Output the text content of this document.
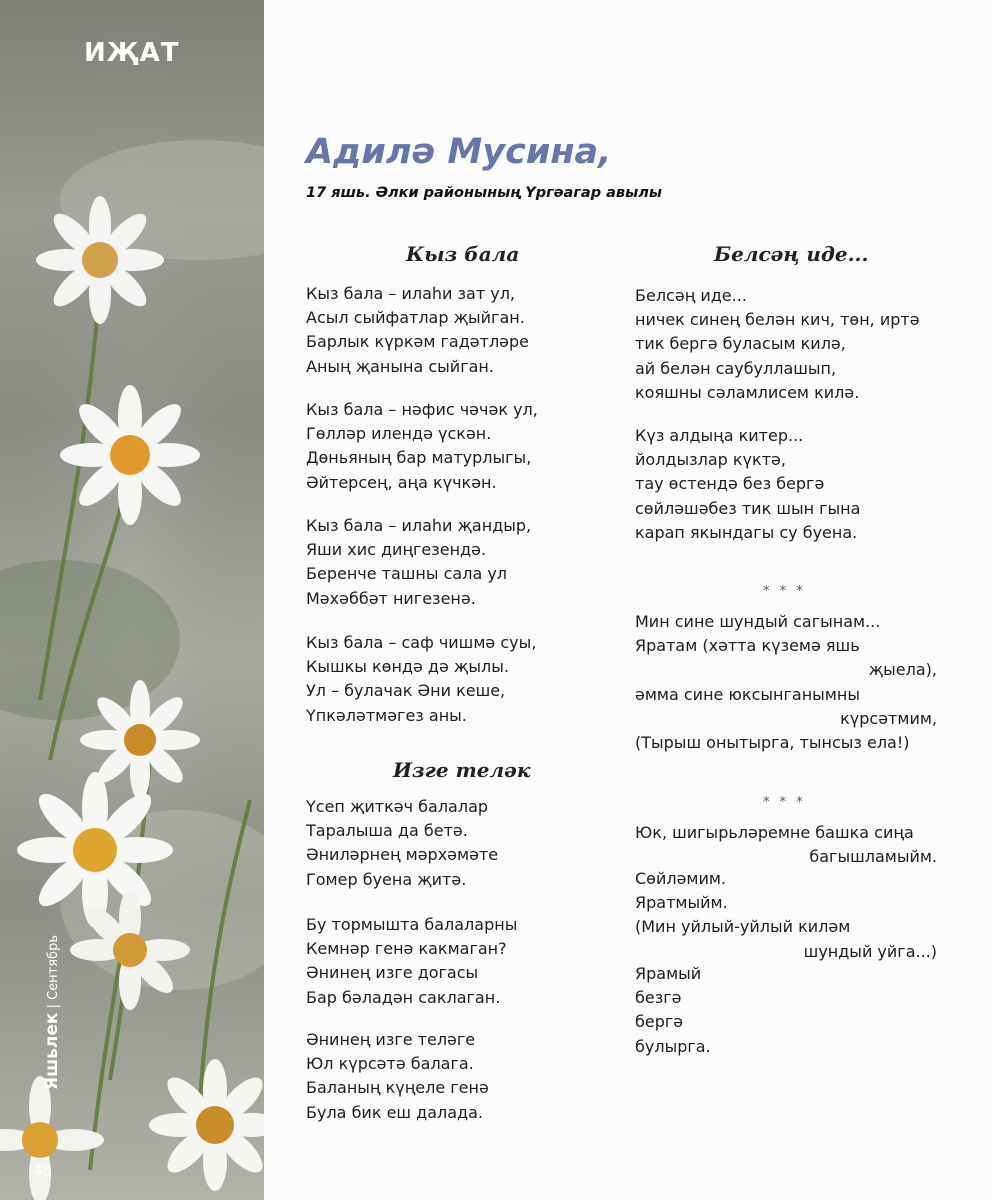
ИҖАТ
Яшьлек | Сентябрь
46
Адилә Мусина,
17 яшь. Әлки районының Үргәагар авылы
Кыз бала
Кыз бала – илаһи зат ул,
Асыл сыйфатлар җыйган.
Барлык күркәм гадәтләре
Аның җанына сыйган.
Кыз бала – нәфис чәчәк ул,
Гөлләр илендә үскән.
Дөньяның бар матурлыгы,
Әйтерсең, аңа күчкән.
Кыз бала – илаһи җандыр,
Яши хис диңгезендә.
Беренче ташны сала ул
Мәхәббәт нигезенә.
Кыз бала – саф чишмә суы,
Кышкы көндә дә җылы.
Ул – булачак Әни кеше,
Үпкәләтмәгез аны.
Изге теләк
Үсеп җиткәч балалар
Таралыша да бетә.
Әниләрнең мәрхәмәте
Гомер буена җитә.
Бу тормышта балаларны
Кемнәр генә какмаган?
Әнинең изге догасы
Бар бәладән саклаган.
Әнинең изге теләге
Юл күрсәтә балага.
Баланың күңеле генә
Була бик еш далада.
Белсәң иде...
Белсәң иде...
ничек синең белән кич, төн, иртә
тик бергә буласым килә,
ай белән саубуллашып,
кояшны сәламлисем килә.
Күз алдыңа китер...
йолдызлар күктә,
тау өстендә без бергә
сөйләшәбез тик шын гына
карап якындагы су буена.
* * *
Мин сине шундый сагынам...
Яратам (хәтта күземә яшь
җыела),
әмма сине юксынганымны
күрсәтмим,
(Тырыш онытырга, тынсыз ела!)
* * *
Юк, шигырьләремне башка сиңа
багышламыйм.
Сөйләмим.
Яратмыйм.
(Мин уйлый-уйлый киләм
шундый уйга...)
Ярамый
безгә
бергә
булырга.
